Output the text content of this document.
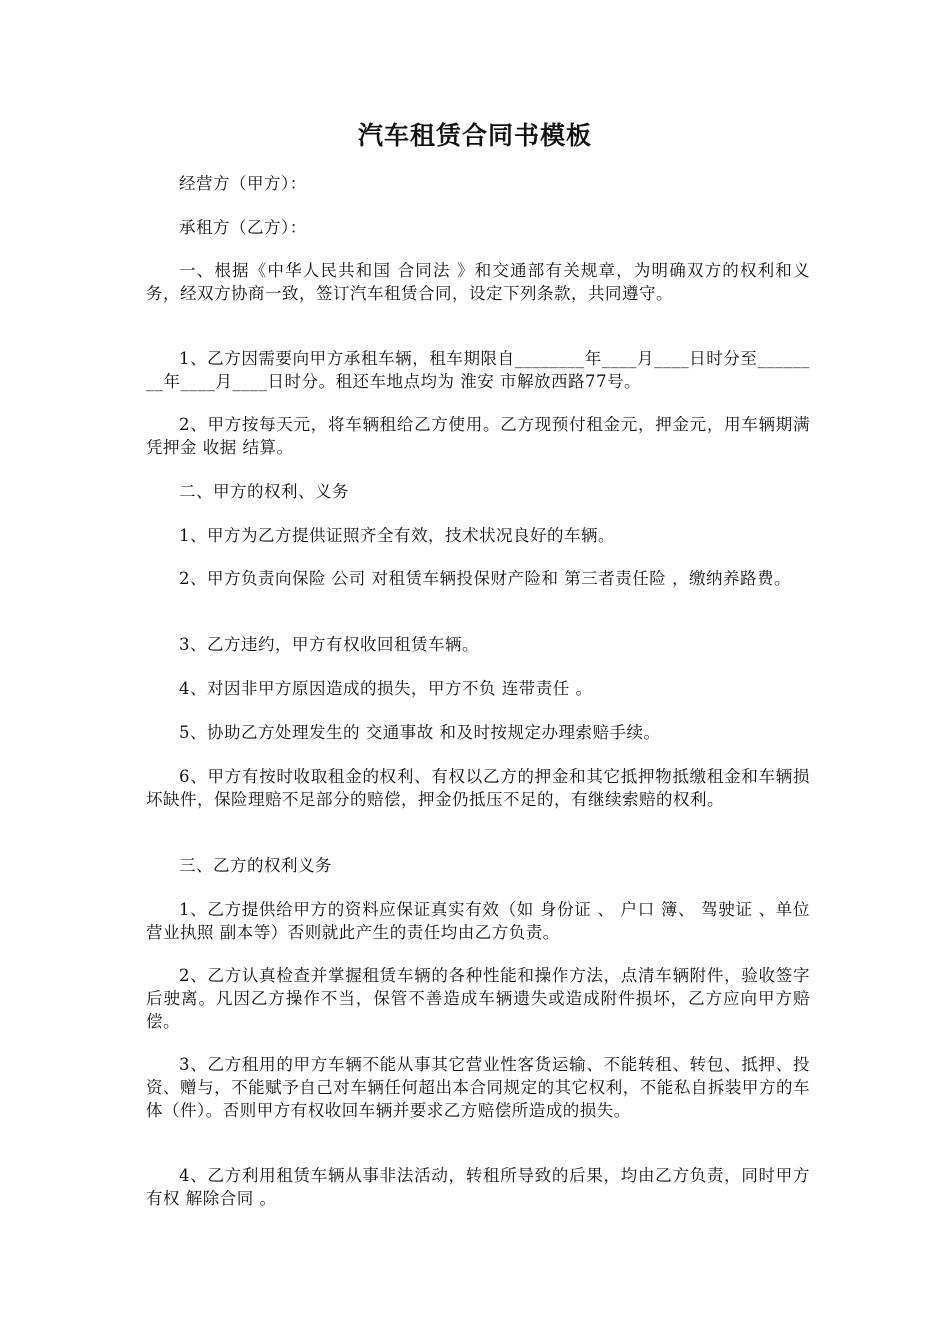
汽车租赁合同书模板

经营方（甲方）：

承租方（乙方）：

一、根据《中华人民共和国 合同法 》和交通部有关规章，为明确双方的权利和义务，经双方协商一致，签订汽车租赁合同，设定下列条款，共同遵守。

1、乙方因需要向甲方承租车辆，租车期限自________年____月____日时分至________年____月____日时分。租还车地点均为 淮安 市解放西路77号。

2、甲方按每天元，将车辆租给乙方使用。乙方现预付租金元，押金元，用车辆期满凭押金 收据 结算。

二、甲方的权利、义务

1、甲方为乙方提供证照齐全有效，技术状况良好的车辆。

2、甲方负责向保险 公司 对租赁车辆投保财产险和 第三者责任险 ，缴纳养路费。

3、乙方违约，甲方有权收回租赁车辆。

4、对因非甲方原因造成的损失，甲方不负 连带责任 。

5、协助乙方处理发生的 交通事故 和及时按规定办理索赔手续。

6、甲方有按时收取租金的权利、有权以乙方的押金和其它抵押物抵缴租金和车辆损坏缺件，保险理赔不足部分的赔偿，押金仍抵压不足的，有继续索赔的权利。

三、乙方的权利义务

1、乙方提供给甲方的资料应保证真实有效（如 身份证 、 户口 簿、 驾驶证 、单位 营业执照 副本等）否则就此产生的责任均由乙方负责。

2、乙方认真检查并掌握租赁车辆的各种性能和操作方法，点清车辆附件，验收签字后驶离。凡因乙方操作不当，保管不善造成车辆遗失或造成附件损坏，乙方应向甲方赔偿。

3、乙方租用的甲方车辆不能从事其它营业性客货运输、不能转租、转包、抵押、投资、赠与，不能赋予自己对车辆任何超出本合同规定的其它权利，不能私自拆装甲方的车体（件）。否则甲方有权收回车辆并要求乙方赔偿所造成的损失。

4、乙方利用租赁车辆从事非法活动，转租所导致的后果，均由乙方负责，同时甲方有权 解除合同 。
